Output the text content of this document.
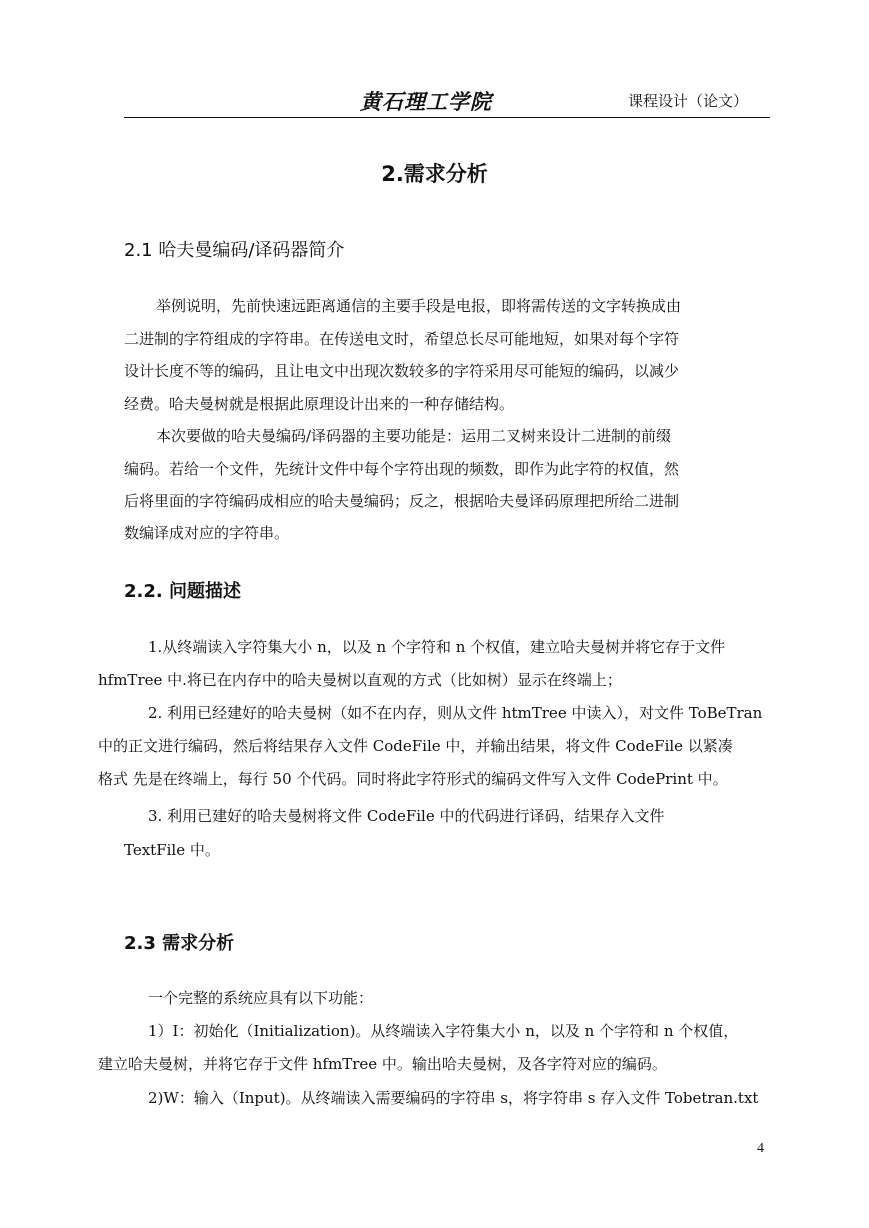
黄石理工学院	课程设计（论文）
2.需求分析
2.1 哈夫曼编码/译码器简介
举例说明，先前快速远距离通信的主要手段是电报，即将需传送的文字转换成由
二进制的字符组成的字符串。在传送电文时，希望总长尽可能地短，如果对每个字符
设计长度不等的编码，且让电文中出现次数较多的字符采用尽可能短的编码，以减少
经费。哈夫曼树就是根据此原理设计出来的一种存储结构。
本次要做的哈夫曼编码/译码器的主要功能是：运用二叉树来设计二进制的前缀
编码。若给一个文件，先统计文件中每个字符出现的频数，即作为此字符的权值，然
后将里面的字符编码成相应的哈夫曼编码；反之，根据哈夫曼译码原理把所给二进制
数编译成对应的字符串。
2.2. 问题描述
1.从终端读入字符集大小 n，以及 n 个字符和 n 个权值，建立哈夫曼树并将它存于文件
hfmTree 中.将已在内存中的哈夫曼树以直观的方式（比如树）显示在终端上；
2. 利用已经建好的哈夫曼树（如不在内存，则从文件 htmTree 中读入），对文件 ToBeTran
中的正文进行编码，然后将结果存入文件 CodeFile 中，并输出结果，将文件 CodeFile 以紧凑
格式 先是在终端上，每行 50 个代码。同时将此字符形式的编码文件写入文件 CodePrint 中。
3. 利用已建好的哈夫曼树将文件 CodeFile 中的代码进行译码，结果存入文件
TextFile 中。
2.3 需求分析
一个完整的系统应具有以下功能：
1）I：初始化（Initialization)。从终端读入字符集大小 n，以及 n 个字符和 n 个权值，
建立哈夫曼树，并将它存于文件 hfmTree 中。输出哈夫曼树，及各字符对应的编码。
2)W：输入（Input)。从终端读入需要编码的字符串 s，将字符串 s 存入文件 Tobetran.txt
4
